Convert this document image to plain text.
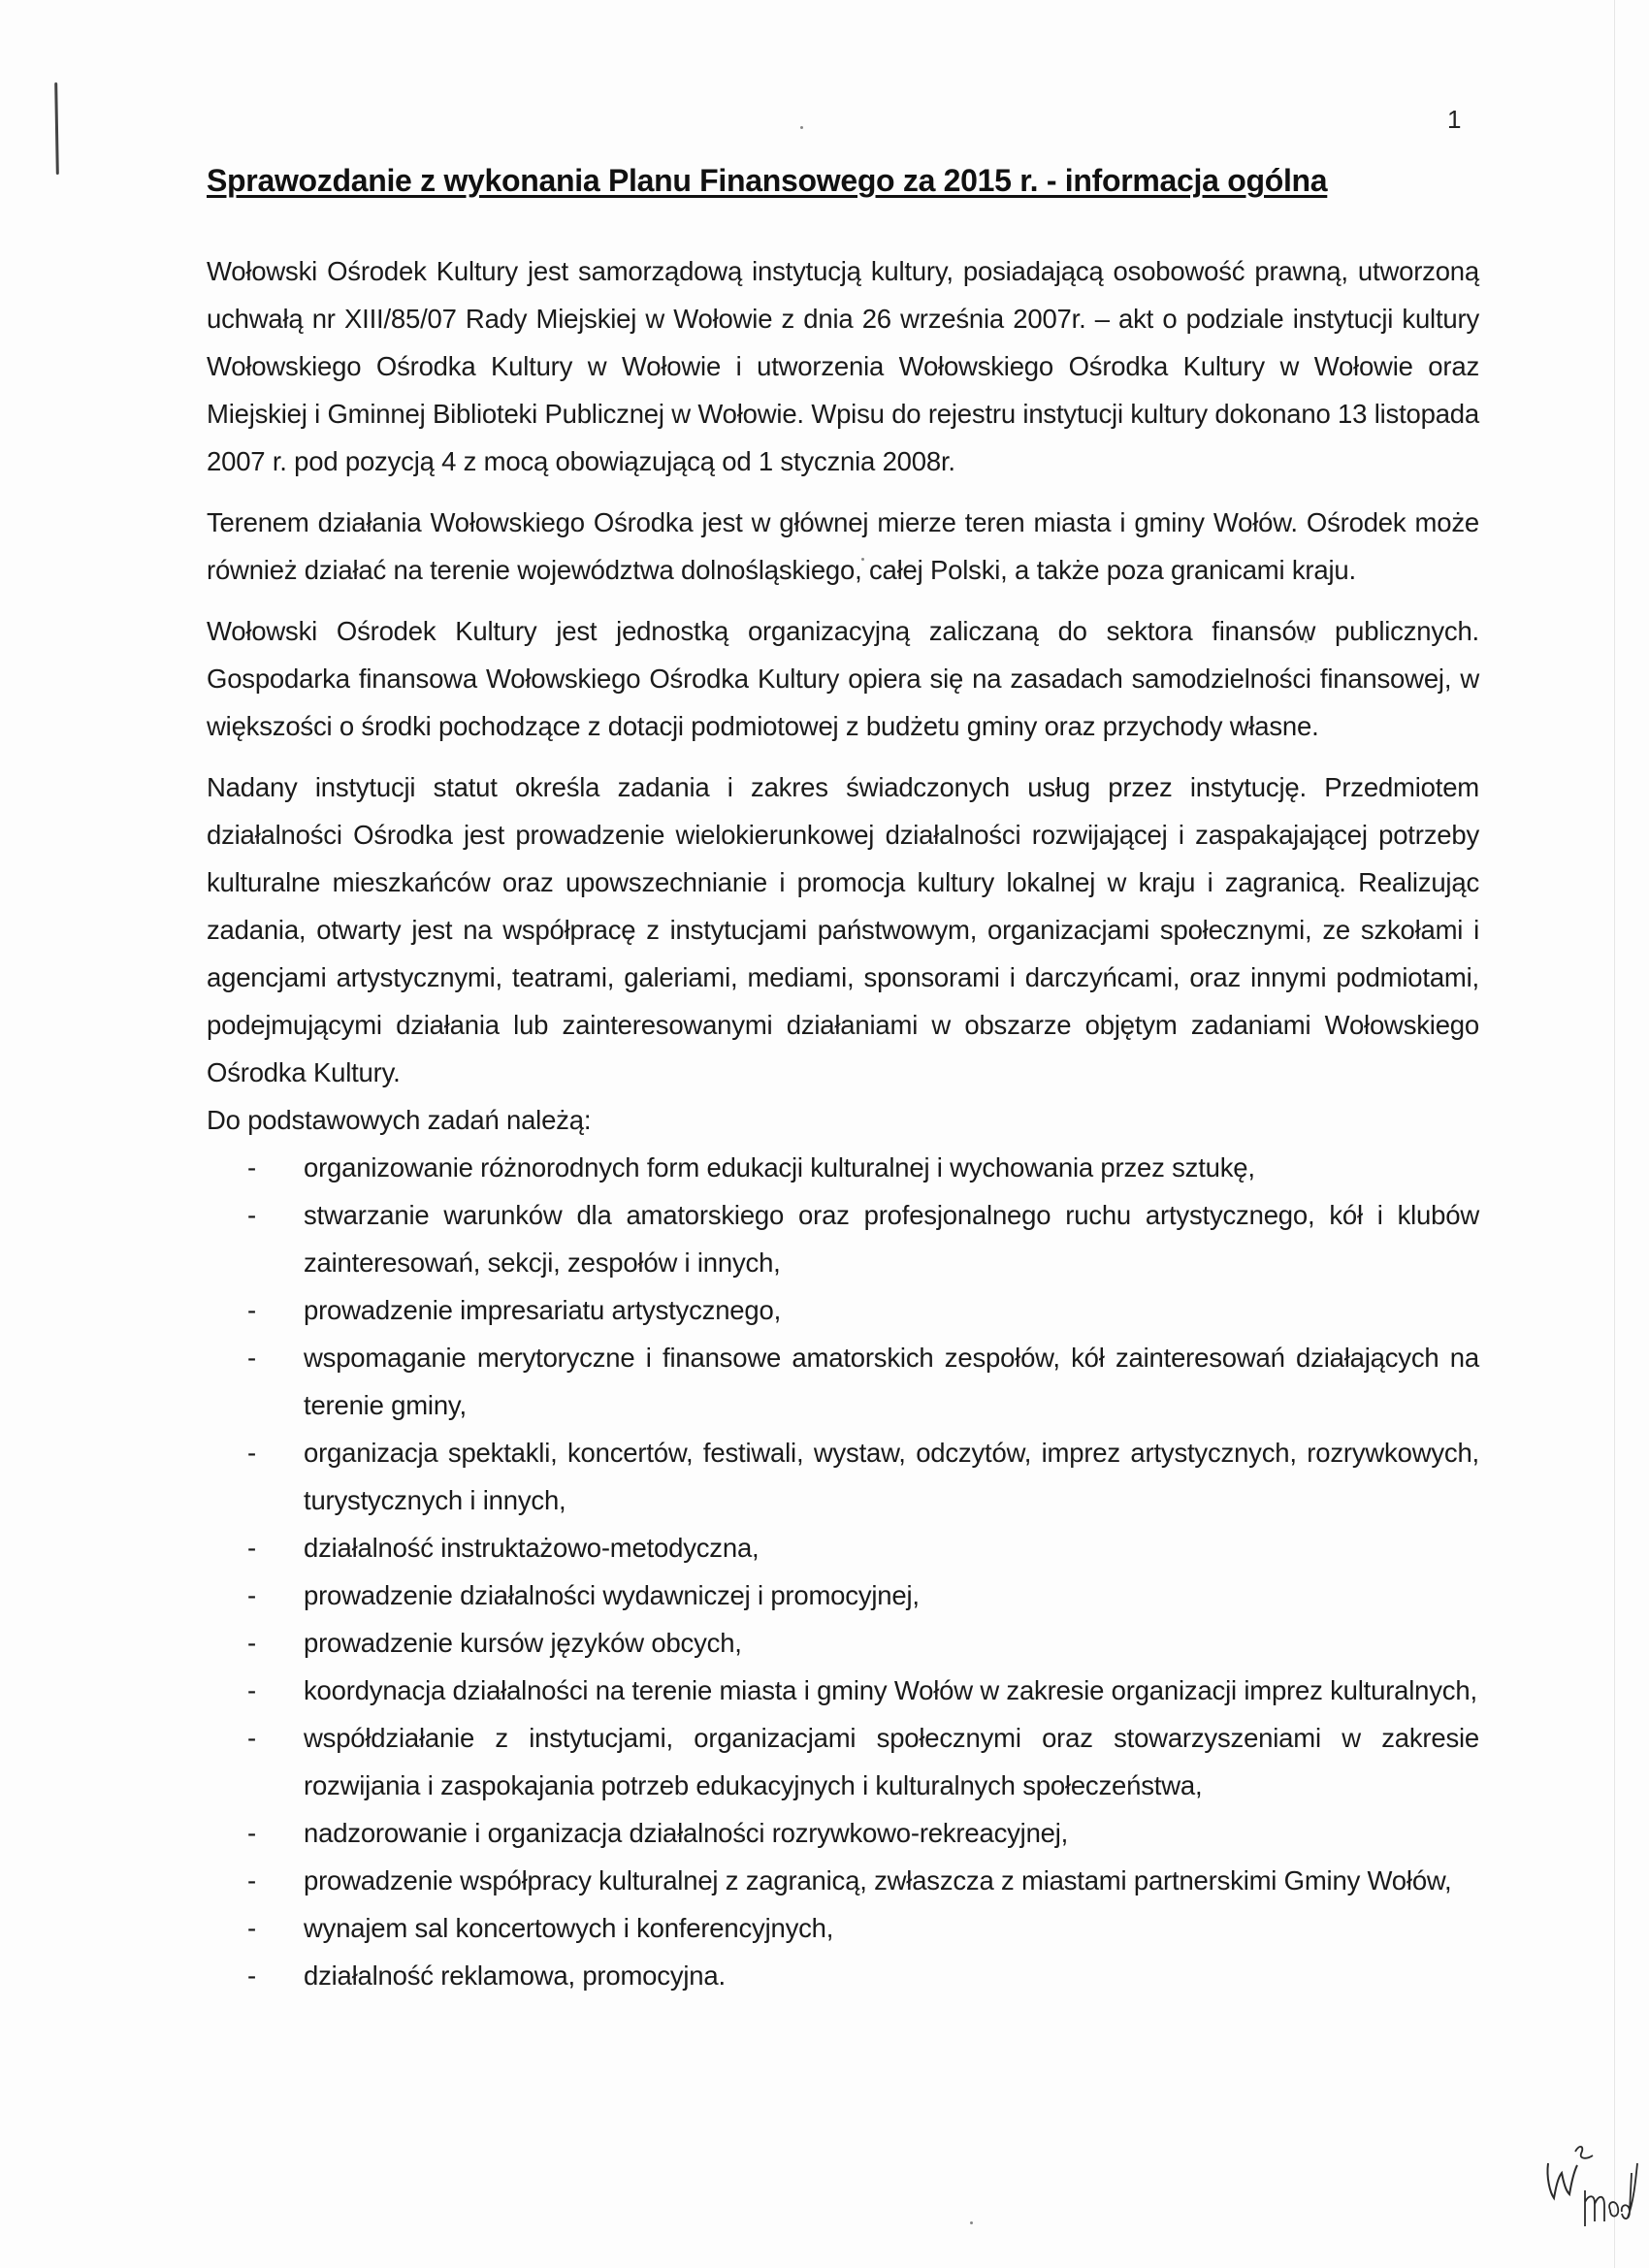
1
Sprawozdanie z wykonania Planu Finansowego za 2015 r. - informacja ogólna

Wołowski Ośrodek Kultury jest samorządową instytucją kultury, posiadającą osobowość prawną, utworzoną uchwałą nr XIII/85/07 Rady Miejskiej w Wołowie z dnia 26 września 2007r. – akt o podziale instytucji kultury Wołowskiego Ośrodka Kultury w Wołowie i utworzenia Wołowskiego Ośrodka Kultury w Wołowie oraz Miejskiej i Gminnej Biblioteki Publicznej w Wołowie. Wpisu do rejestru instytucji kultury dokonano 13 listopada 2007 r. pod pozycją 4 z mocą obowiązującą od 1 stycznia 2008r.

Terenem działania Wołowskiego Ośrodka jest w głównej mierze teren miasta i gminy Wołów. Ośrodek może również działać na terenie województwa dolnośląskiego, całej Polski, a także poza granicami kraju.

Wołowski Ośrodek Kultury jest jednostką organizacyjną zaliczaną do sektora finansów publicznych. Gospodarka finansowa Wołowskiego Ośrodka Kultury opiera się na zasadach samodzielności finansowej, w większości o środki pochodzące z dotacji podmiotowej z budżetu gminy oraz przychody własne.

Nadany instytucji statut określa zadania i zakres świadczonych usług przez instytucję. Przedmiotem działalności Ośrodka jest prowadzenie wielokierunkowej działalności rozwijającej i zaspakajającej potrzeby kulturalne mieszkańców oraz upowszechnianie i promocja kultury lokalnej w kraju i zagranicą. Realizując zadania, otwarty jest na współpracę z instytucjami państwowym, organizacjami społecznymi, ze szkołami i agencjami artystycznymi, teatrami, galeriami, mediami, sponsorami i darczyńcami, oraz innymi podmiotami, podejmującymi działania lub zainteresowanymi działaniami w obszarze objętym zadaniami Wołowskiego Ośrodka Kultury.

Do podstawowych zadań należą:

- organizowanie różnorodnych form edukacji kulturalnej i wychowania przez sztukę,
- stwarzanie warunków dla amatorskiego oraz profesjonalnego ruchu artystycznego, kół i klubów zainteresowań, sekcji, zespołów i innych,
- prowadzenie impresariatu artystycznego,
- wspomaganie merytoryczne i finansowe amatorskich zespołów, kół zainteresowań działających na terenie gminy,
- organizacja spektakli, koncertów, festiwali, wystaw, odczytów, imprez artystycznych, rozrywkowych, turystycznych i innych,
- działalność instruktażowo-metodyczna,
- prowadzenie działalności wydawniczej i promocyjnej,
- prowadzenie kursów języków obcych,
- koordynacja działalności na terenie miasta i gminy Wołów w zakresie organizacji imprez kulturalnych,
- współdziałanie z instytucjami, organizacjami społecznymi oraz stowarzyszeniami w zakresie rozwijania i zaspokajania potrzeb edukacyjnych i kulturalnych społeczeństwa,
- nadzorowanie i organizacja działalności rozrywkowo-rekreacyjnej,
- prowadzenie współpracy kulturalnej z zagranicą, zwłaszcza z miastami partnerskimi Gminy Wołów,
- wynajem sal koncertowych i konferencyjnych,
- działalność reklamowa, promocyjna.
